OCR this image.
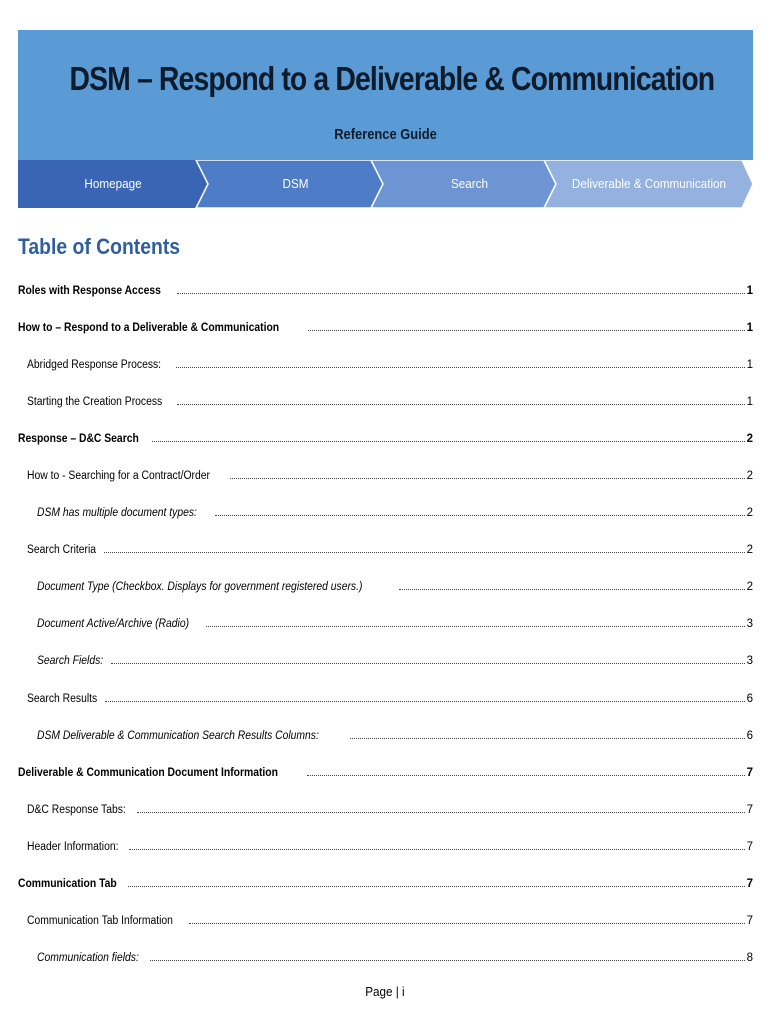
DSM – Respond to a Deliverable & Communication
Reference Guide
Homepage	DSM	Search	Deliverable & Communication
Table of Contents
Roles with Response Access	1
How to – Respond to a Deliverable & Communication	1
Abridged Response Process:	1
Starting the Creation Process	1
Response – D&C Search	2
How to - Searching for a Contract/Order	2
DSM has multiple document types:	2
Search Criteria	2
Document Type (Checkbox. Displays for government registered users.)	2
Document Active/Archive (Radio)	3
Search Fields:	3
Search Results	6
DSM Deliverable & Communication Search Results Columns:	6
Deliverable & Communication Document Information	7
D&C Response Tabs:	7
Header Information:	7
Communication Tab	7
Communication Tab Information	7
Communication fields:	8
Page | i
